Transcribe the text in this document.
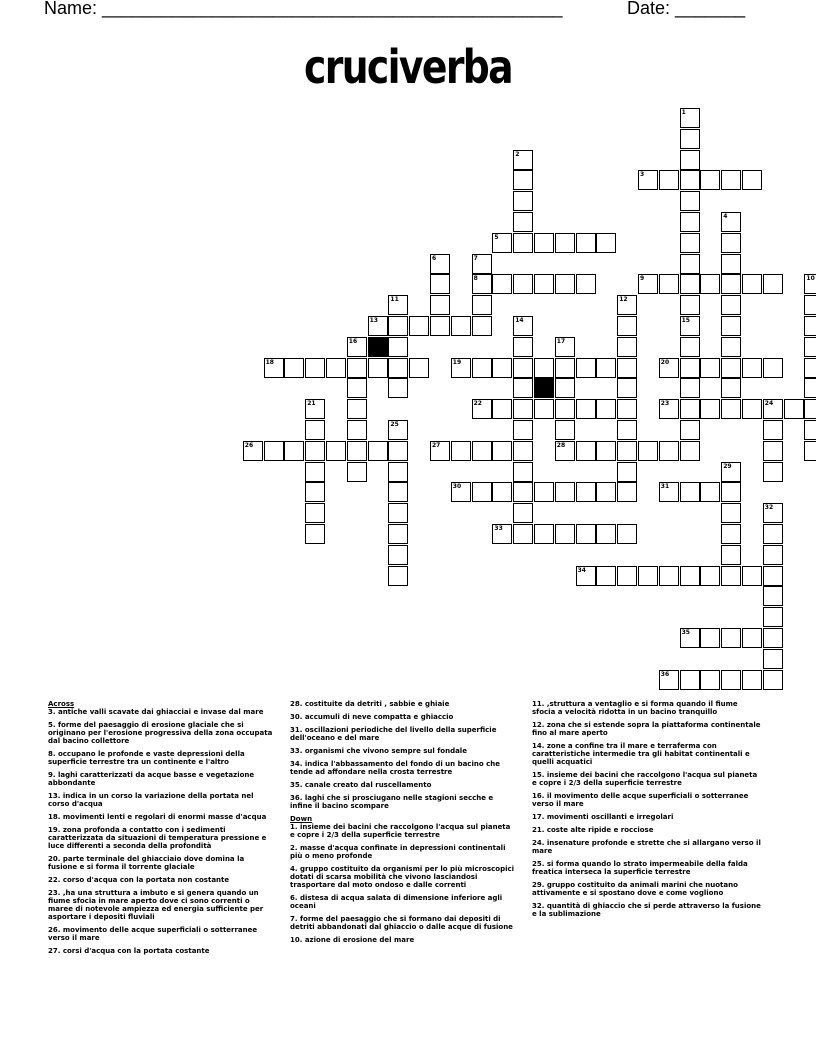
Name: ______________________________________________	Date: _______
cruciverba
1
2
3
4
5
6	7
8	9	10
11	12
13	14	15
16	17
18	19	20
21	22	23	24
25
26	27	28
29
30	31
32
33
34
35
36
Across
3. antiche valli scavate dai ghiacciai e invase dal mare
5. forme del paesaggio di erosione glaciale che si originano per l'erosione progressiva della zona occupata dal bacino collettore
8. occupano le profonde e vaste depressioni della superficie terrestre tra un continente e l'altro
9. laghi caratterizzati da acque basse e vegetazione abbondante
13. indica in un corso la variazione della portata nel corso d'acqua
18. movimenti lenti e regolari di enormi masse d'acqua
19. zona profonda a contatto con i sedimenti caratterizzata da situazioni di temperatura pressione e luce differenti a seconda della profondità
20. parte terminale del ghiacciaio dove domina la fusione e si forma il torrente glaciale
22. corso d'acqua con la portata non costante
23. ,ha una struttura a imbuto e si genera quando un fiume sfocia in mare aperto dove ci sono correnti o maree di notevole ampiezza ed energia sufficiente per asportare i depositi fluviali
26. movimento delle acque superficiali o sotterranee verso il mare
27. corsi d'acqua con la portata costante
28. costituite da detriti , sabbie e ghiaie
30. accumuli di neve compatta e ghiaccio
31. oscillazioni periodiche del livello della superficie dell'oceano e del mare
33. organismi che vivono sempre sul fondale
34. indica l'abbassamento del fondo di un bacino che tende ad affondare nella crosta terrestre
35. canale creato dal ruscellamento
36. laghi che si prosciugano nelle stagioni secche e infine il bacino scompare
Down
1. insieme dei bacini che raccolgono l'acqua sul pianeta e copre i 2/3 della superficie terrestre
2. masse d'acqua confinate in depressioni continentali più o meno profonde
4. gruppo costituito da organismi per lo più microscopici dotati di scarsa mobilità che vivono lasciandosi trasportare dal moto ondoso e dalle correnti
6. distesa di acqua salata di dimensione inferiore agli oceani
7. forme del paesaggio che si formano dai depositi di detriti abbandonati dal ghiaccio o dalle acque di fusione
10. azione di erosione del mare
11. ,struttura a ventaglio e si forma quando il fiume sfocia a velocità ridotta in un bacino tranquillo
12. zona che si estende sopra la piattaforma continentale fino al mare aperto
14. zone a confine tra il mare e terraferma con caratteristiche intermedie tra gli habitat continentali e quelli acquatici
15. insieme dei bacini che raccolgono l'acqua sul pianeta e copre i 2/3 della superficie terrestre
16. il movimento delle acque superficiali o sotterranee verso il mare
17. movimenti oscillanti e irregolari
21. coste alte ripide e rocciose
24. insenature profonde e strette che si allargano verso il mare
25. si forma quando lo strato impermeabile della falda freatica interseca la superficie terrestre
29. gruppo costituito da animali marini che nuotano attivamente e si spostano dove e come vogliono
32. quantità di ghiaccio che si perde attraverso la fusione e la sublimazione
